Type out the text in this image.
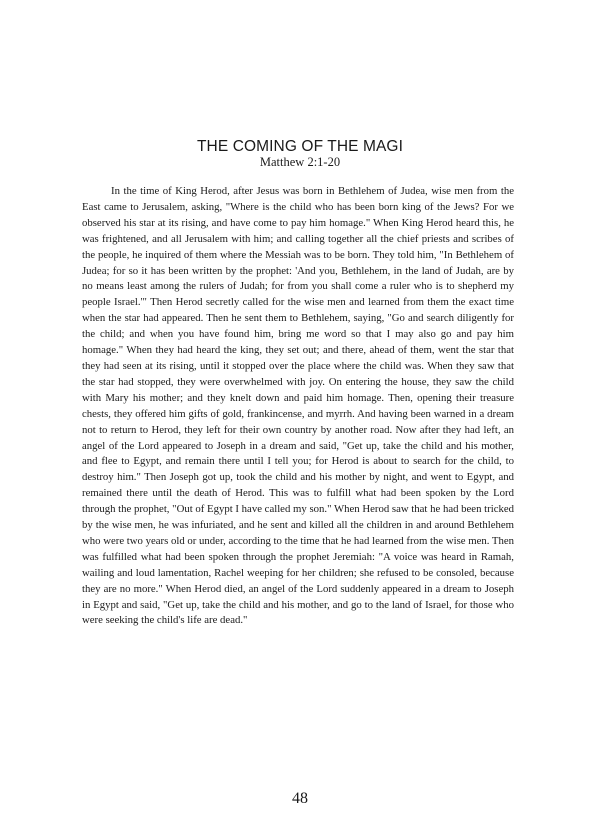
THE COMING OF THE MAGI
Matthew 2:1-20

In the time of King Herod, after Jesus was born in Bethlehem of Judea, wise men from the East came to Jerusalem, asking, "Where is the child who has been born king of the Jews? For we observed his star at its rising, and have come to pay him homage." When King Herod heard this, he was frightened, and all Jerusalem with him; and calling together all the chief priests and scribes of the people, he inquired of them where the Messiah was to be born. They told him, "In Bethlehem of Judea; for so it has been written by the prophet: 'And you, Bethlehem, in the land of Judah, are by no means least among the rulers of Judah; for from you shall come a ruler who is to shepherd my people Israel.'" Then Herod secretly called for the wise men and learned from them the exact time when the star had appeared. Then he sent them to Bethlehem, saying, "Go and search diligently for the child; and when you have found him, bring me word so that I may also go and pay him homage." When they had heard the king, they set out; and there, ahead of them, went the star that they had seen at its rising, until it stopped over the place where the child was. When they saw that the star had stopped, they were overwhelmed with joy. On entering the house, they saw the child with Mary his mother; and they knelt down and paid him homage. Then, opening their treasure chests, they offered him gifts of gold, frankincense, and myrrh. And having been warned in a dream not to return to Herod, they left for their own country by another road. Now after they had left, an angel of the Lord appeared to Joseph in a dream and said, "Get up, take the child and his mother, and flee to Egypt, and remain there until I tell you; for Herod is about to search for the child, to destroy him." Then Joseph got up, took the child and his mother by night, and went to Egypt, and remained there until the death of Herod. This was to fulfill what had been spoken by the Lord through the prophet, "Out of Egypt I have called my son." When Herod saw that he had been tricked by the wise men, he was infuriated, and he sent and killed all the children in and around Bethlehem who were two years old or under, according to the time that he had learned from the wise men. Then was fulfilled what had been spoken through the prophet Jeremiah: "A voice was heard in Ramah, wailing and loud lamentation, Rachel weeping for her children; she refused to be consoled, because they are no more." When Herod died, an angel of the Lord suddenly appeared in a dream to Joseph in Egypt and said, "Get up, take the child and his mother, and go to the land of Israel, for those who were seeking the child's life are dead."

48
